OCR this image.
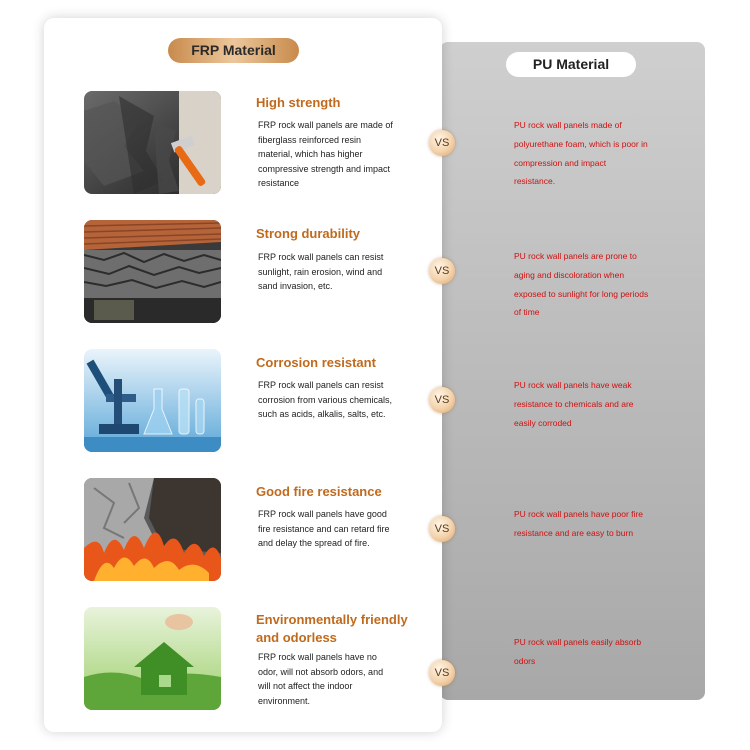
PU Material
FRP Material
High strength
FRP rock wall panels are made of fiberglass reinforced resin material, which has higher compressive strength and impact resistance
VS
PU rock wall panels made of polyurethane foam, which is poor in compression and impact resistance.
Strong durability
FRP rock wall panels can resist sunlight, rain erosion, wind and sand invasion, etc.
VS
PU rock wall panels are prone to aging and discoloration when exposed to sunlight for long periods of time
Corrosion resistant
FRP rock wall panels can resist corrosion from various chemicals, such as acids, alkalis, salts, etc.
VS
PU rock wall panels have weak resistance to chemicals and are easily corroded
Good fire resistance
FRP rock wall panels have good fire resistance and can retard fire and delay the spread of fire.
VS
PU rock wall panels have poor fire resistance and are easy to burn
Environmentally friendly and odorless
FRP rock wall panels have no odor, will not absorb odors, and will not affect the indoor environment.
VS
PU rock wall panels easily absorb odors
